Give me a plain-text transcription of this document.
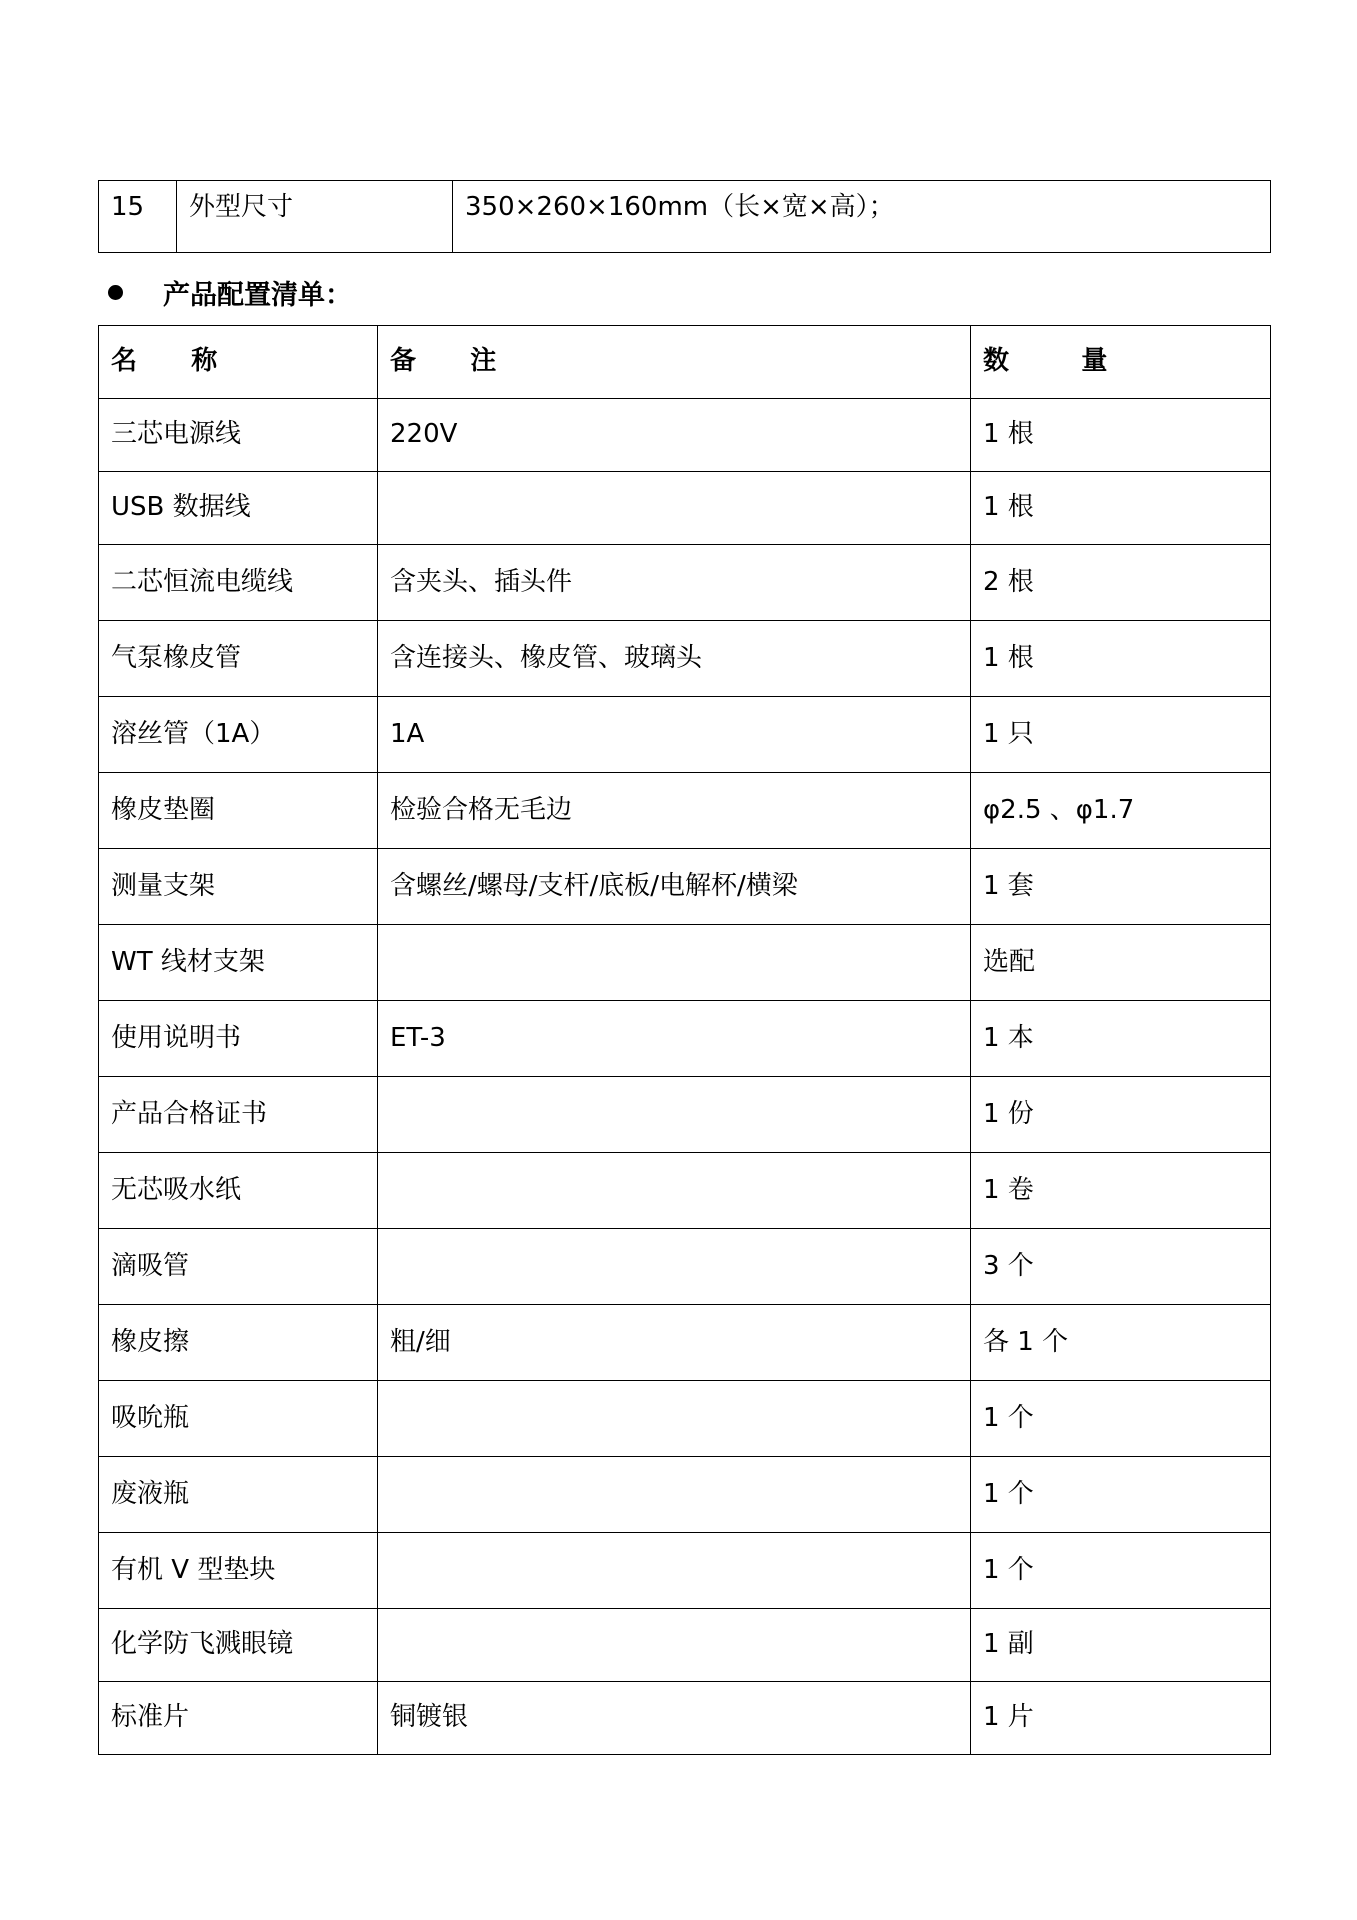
15	外型尺寸	350×260×160mm（长×宽×高）；
产品配置清单：
名      称	备      注	数        量
三芯电源线	220V	1 根
USB 数据线		1 根
二芯恒流电缆线	含夹头、插头件	2 根
气泵橡皮管	含连接头、橡皮管、玻璃头	1 根
溶丝管（1A）	1A	1 只
橡皮垫圈	检验合格无毛边	φ2.5 、φ1.7
测量支架	含螺丝/螺母/支杆/底板/电解杯/横梁	1 套
WT 线材支架		选配
使用说明书	ET-3	1 本
产品合格证书		1 份
无芯吸水纸		1 卷
滴吸管		3 个
橡皮擦	粗/细	各 1 个
吸吮瓶		1 个
废液瓶		1 个
有机 V 型垫块		1 个
化学防飞溅眼镜		1 副
标准片	铜镀银	1 片
